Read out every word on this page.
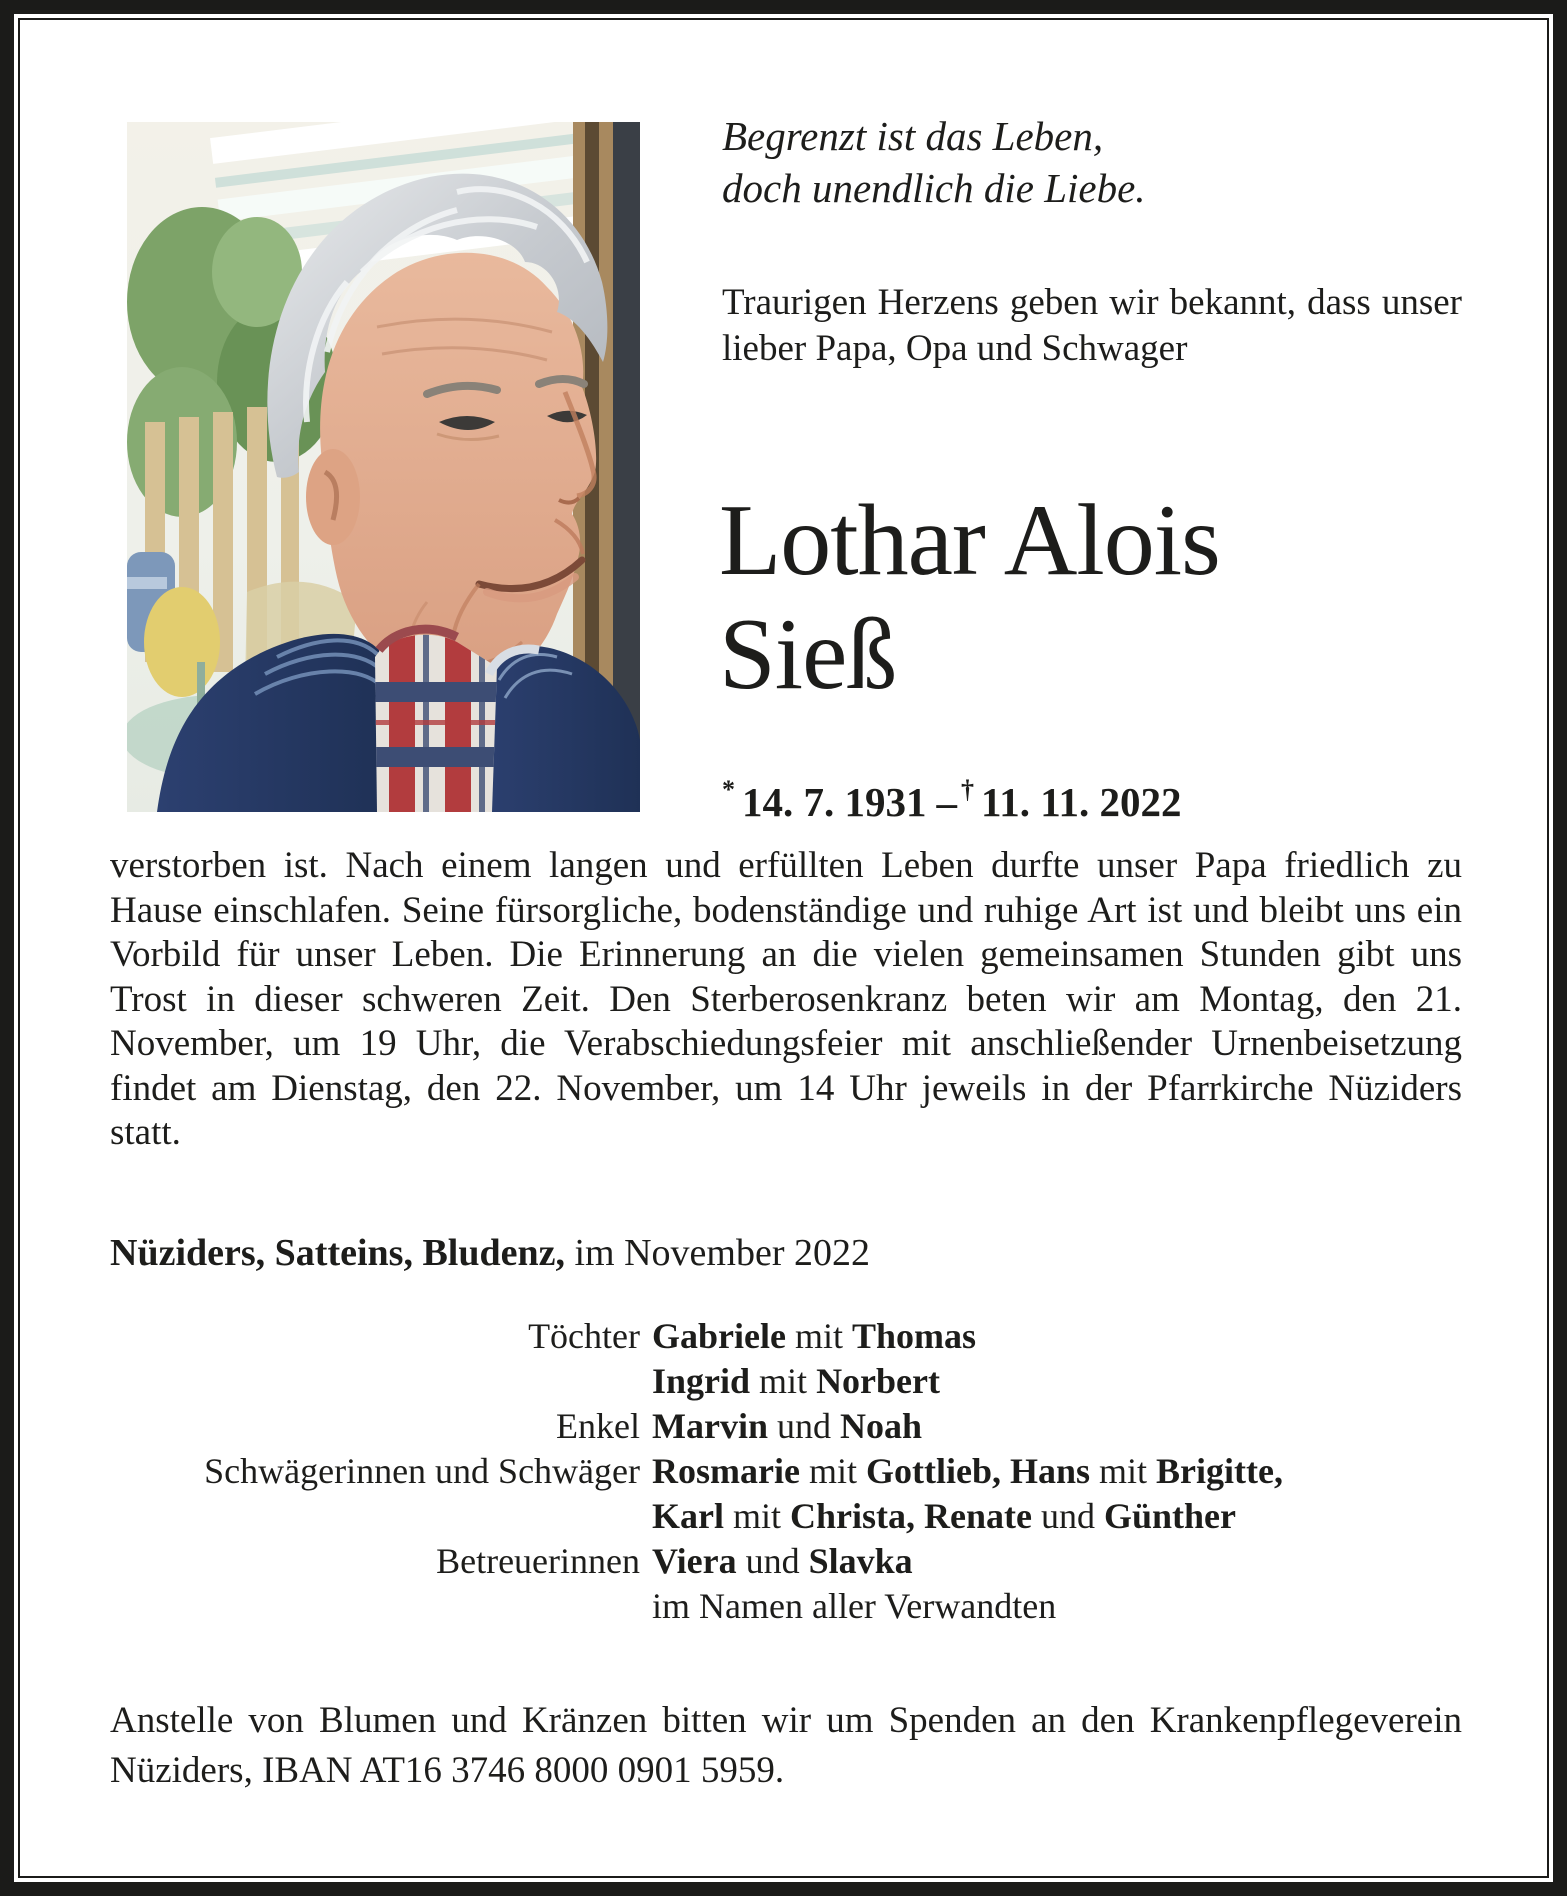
Begrenzt ist das Leben,
doch unendlich die Liebe.
Traurigen Herzens geben wir bekannt, dass unser lieber Papa, Opa und Schwager
Lothar Alois
Sieß
* 14. 7. 1931 – † 11. 11. 2022
verstorben ist. Nach einem langen und erfüllten Leben durfte unser Papa friedlich zu Hause einschlafen. Seine fürsorgliche, bodenständige und ruhige Art ist und bleibt uns ein Vorbild für unser Leben. Die Erinnerung an die vielen gemeinsamen Stunden gibt uns Trost in dieser schweren Zeit. Den Sterberosenkranz beten wir am Montag, den 21. November, um 19 Uhr, die Verabschiedungsfeier mit anschließender Urnenbeisetzung findet am Dienstag, den 22. November, um 14 Uhr jeweils in der Pfarrkirche Nüziders statt.
Nüziders, Satteins, Bludenz, im November 2022
Töchter Gabriele mit Thomas
Ingrid mit Norbert
Enkel Marvin und Noah
Schwägerinnen und Schwäger Rosmarie mit Gottlieb, Hans mit Brigitte,
Karl mit Christa, Renate und Günther
Betreuerinnen Viera und Slavka
im Namen aller Verwandten
Anstelle von Blumen und Kränzen bitten wir um Spenden an den Krankenpflegeverein Nüziders, IBAN AT16 3746 8000 0901 5959.
